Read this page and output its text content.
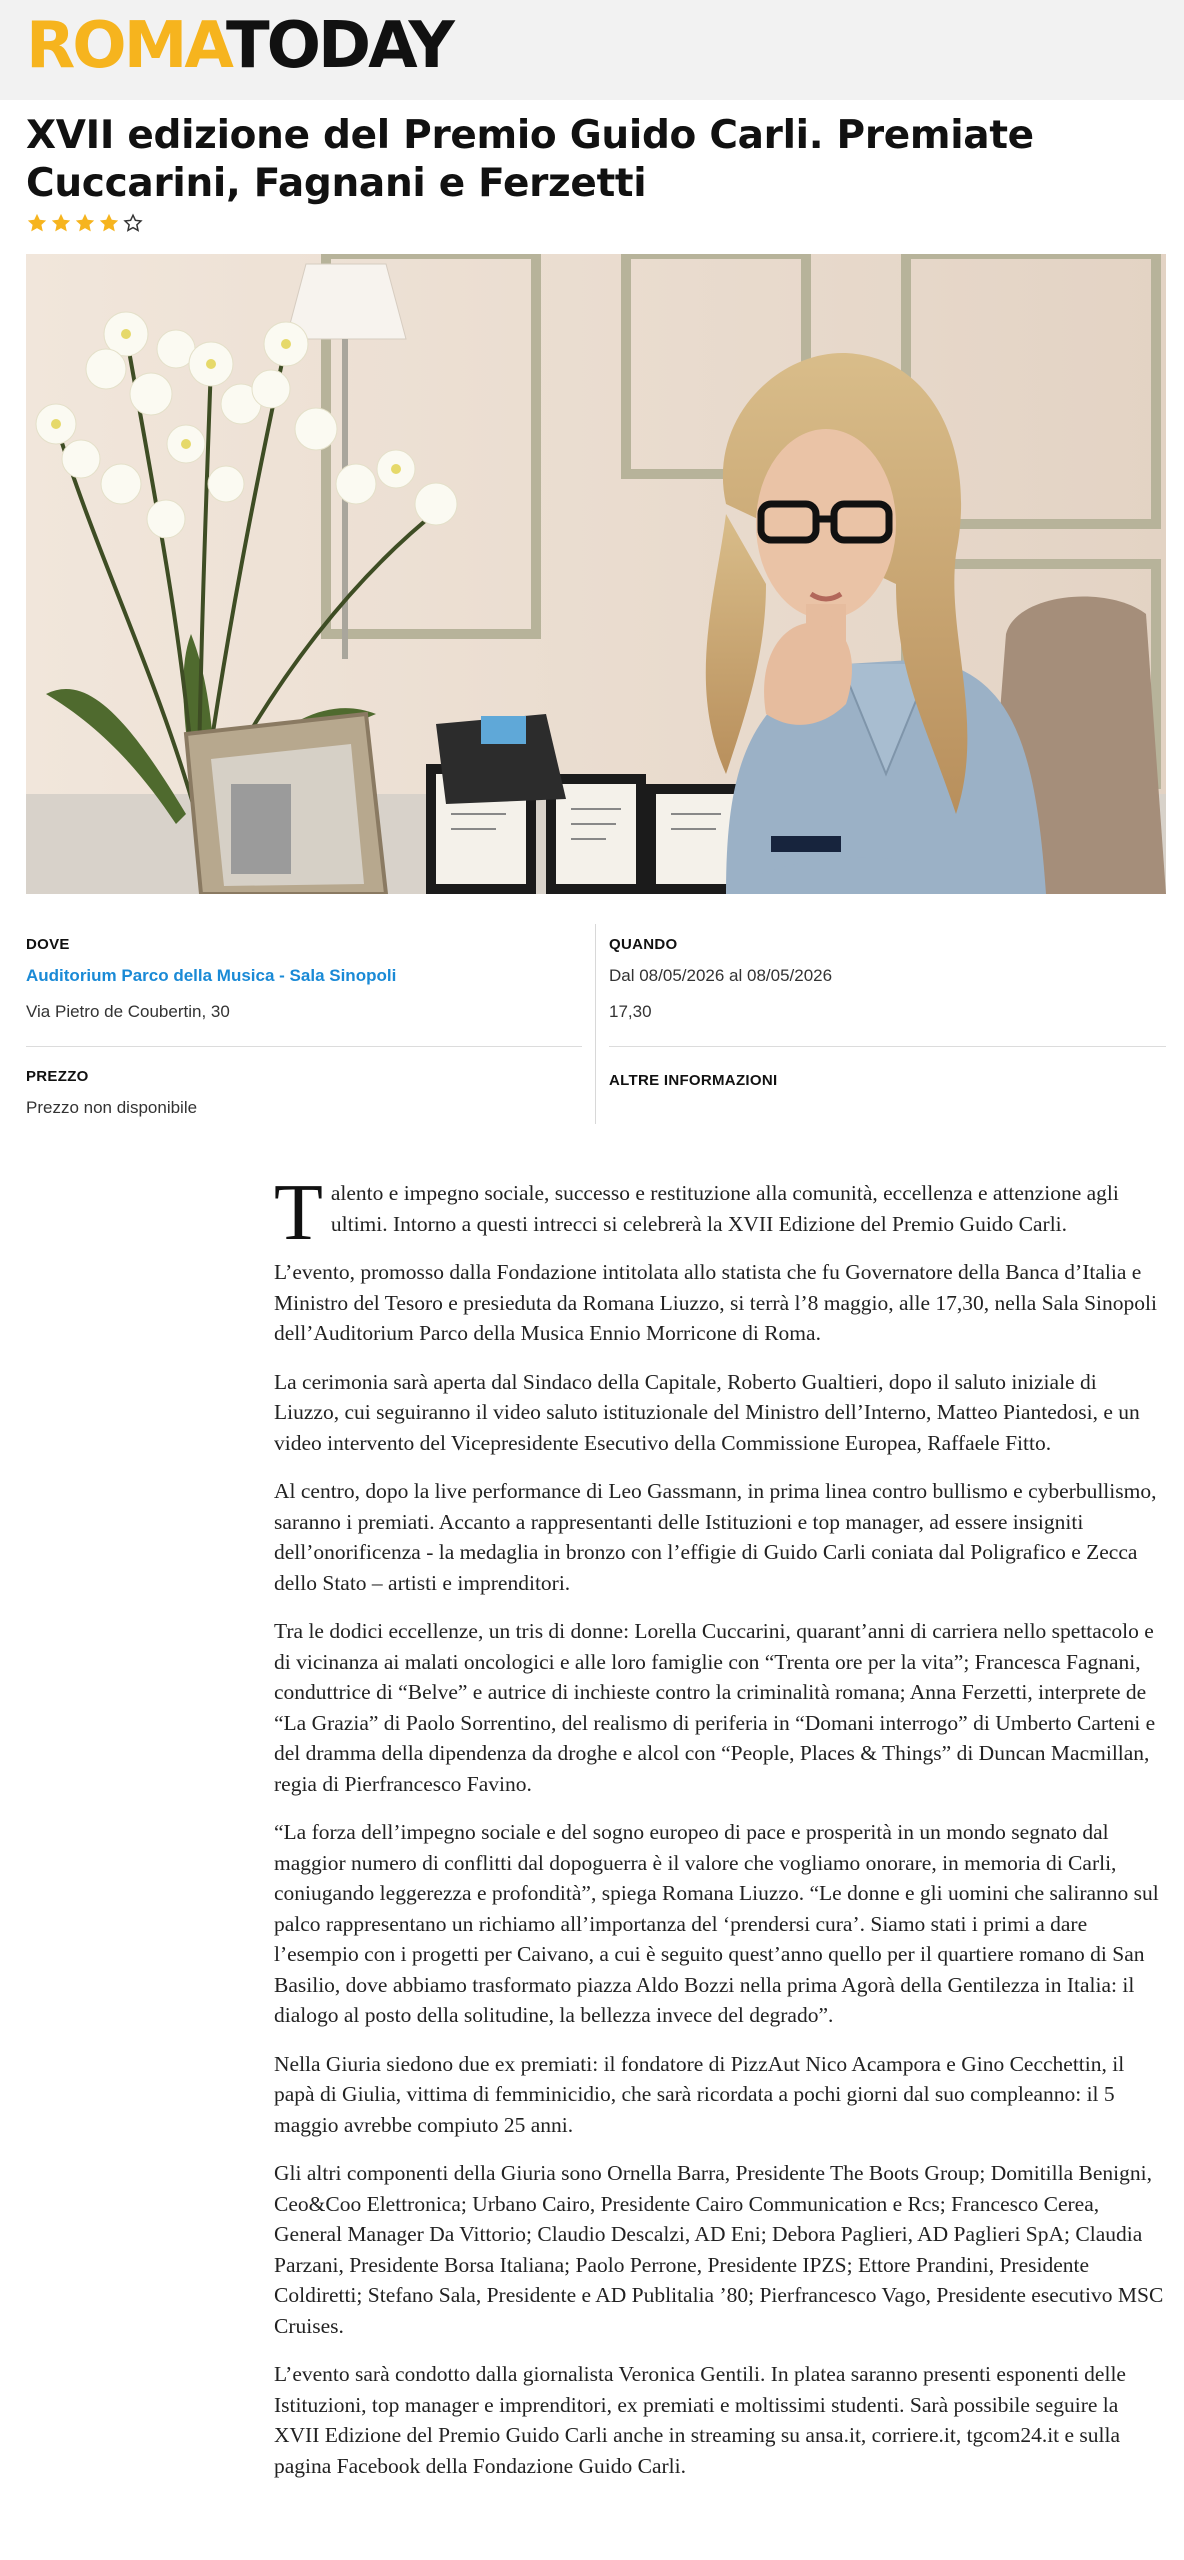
ROMATODAY
XVII edizione del Premio Guido Carli. Premiate Cuccarini, Fagnani e Ferzetti
DOVE
Auditorium Parco della Musica - Sala Sinopoli
Via Pietro de Coubertin, 30
QUANDO
Dal 08/05/2026 al 08/05/2026
17,30
PREZZO
Prezzo non disponibile
ALTRE INFORMAZIONI

Talento e impegno sociale, successo e restituzione alla comunità, eccellenza e attenzione agli ultimi. Intorno a questi intrecci si celebrerà la XVII Edizione del Premio Guido Carli.

L’evento, promosso dalla Fondazione intitolata allo statista che fu Governatore della Banca d’Italia e Ministro del Tesoro e presieduta da Romana Liuzzo, si terrà l’8 maggio, alle 17,30, nella Sala Sinopoli dell’Auditorium Parco della Musica Ennio Morricone di Roma.

La cerimonia sarà aperta dal Sindaco della Capitale, Roberto Gualtieri, dopo il saluto iniziale di Liuzzo, cui seguiranno il video saluto istituzionale del Ministro dell’Interno, Matteo Piantedosi, e un video intervento del Vicepresidente Esecutivo della Commissione Europea, Raffaele Fitto.

Al centro, dopo la live performance di Leo Gassmann, in prima linea contro bullismo e cyberbullismo, saranno i premiati. Accanto a rappresentanti delle Istituzioni e top manager, ad essere insigniti dell’onorificenza - la medaglia in bronzo con l’effigie di Guido Carli coniata dal Poligrafico e Zecca dello Stato – artisti e imprenditori.

Tra le dodici eccellenze, un tris di donne: Lorella Cuccarini, quarant’anni di carriera nello spettacolo e di vicinanza ai malati oncologici e alle loro famiglie con “Trenta ore per la vita”; Francesca Fagnani, conduttrice di “Belve” e autrice di inchieste contro la criminalità romana; Anna Ferzetti, interprete de “La Grazia” di Paolo Sorrentino, del realismo di periferia in “Domani interrogo” di Umberto Carteni e del dramma della dipendenza da droghe e alcol con “People, Places & Things” di Duncan Macmillan, regia di Pierfrancesco Favino.

“La forza dell’impegno sociale e del sogno europeo di pace e prosperità in un mondo segnato dal maggior numero di conflitti dal dopoguerra è il valore che vogliamo onorare, in memoria di Carli, coniugando leggerezza e profondità”, spiega Romana Liuzzo. “Le donne e gli uomini che saliranno sul palco rappresentano un richiamo all’importanza del ‘prendersi cura’. Siamo stati i primi a dare l’esempio con i progetti per Caivano, a cui è seguito quest’anno quello per il quartiere romano di San Basilio, dove abbiamo trasformato piazza Aldo Bozzi nella prima Agorà della Gentilezza in Italia: il dialogo al posto della solitudine, la bellezza invece del degrado”.

Nella Giuria siedono due ex premiati: il fondatore di PizzAut Nico Acampora e Gino Cecchettin, il papà di Giulia, vittima di femminicidio, che sarà ricordata a pochi giorni dal suo compleanno: il 5 maggio avrebbe compiuto 25 anni.

Gli altri componenti della Giuria sono Ornella Barra, Presidente The Boots Group; Domitilla Benigni, Ceo&Coo Elettronica; Urbano Cairo, Presidente Cairo Communication e Rcs; Francesco Cerea, General Manager Da Vittorio; Claudio Descalzi, AD Eni; Debora Paglieri, AD Paglieri SpA; Claudia Parzani, Presidente Borsa Italiana; Paolo Perrone, Presidente IPZS; Ettore Prandini, Presidente Coldiretti; Stefano Sala, Presidente e AD Publitalia ’80; Pierfrancesco Vago, Presidente esecutivo MSC Cruises.

L’evento sarà condotto dalla giornalista Veronica Gentili. In platea saranno presenti esponenti delle Istituzioni, top manager e imprenditori, ex premiati e moltissimi studenti. Sarà possibile seguire la XVII Edizione del Premio Guido Carli anche in streaming su ansa.it, corriere.it, tgcom24.it e sulla pagina Facebook della Fondazione Guido Carli.
